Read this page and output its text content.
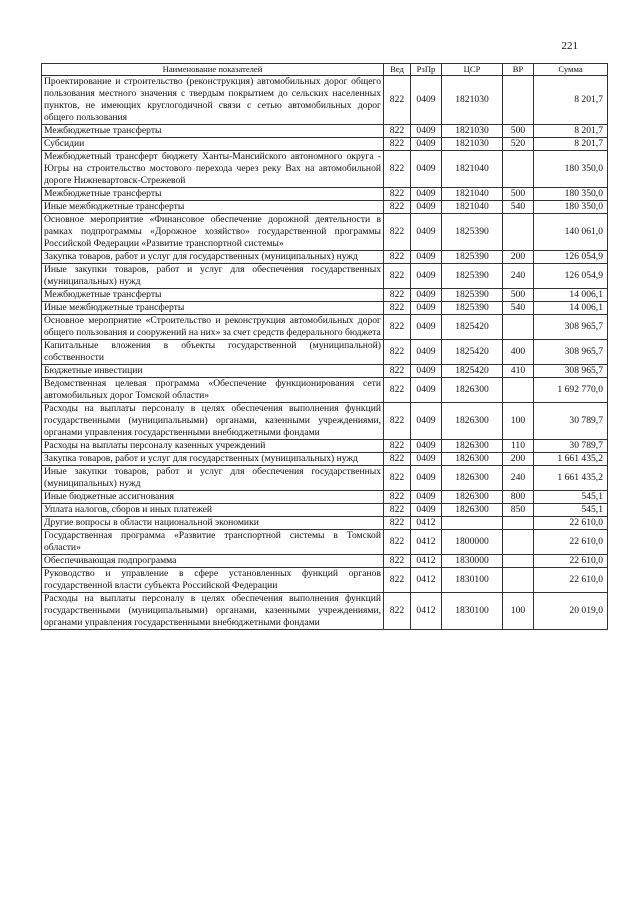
221
Наименование показателей	Вед	РзПр	ЦСР	ВР	Сумма
Проектирование и строительство (реконструкция) автомобильных дорог общего пользования местного значения с твердым покрытием до сельских населенных пунктов, не имеющих круглогодичной связи с сетью автомобильных дорог общего пользования	822	0409	1821030		8 201,7
Межбюджетные трансферты	822	0409	1821030	500	8 201,7
Субсидии	822	0409	1821030	520	8 201,7
Межбюджетный трансферт бюджету Ханты-Мансийского автономного округа - Югры на строительство мостового перехода через реку Вах на автомобильной дороге Нижневартовск-Стрежевой	822	0409	1821040		180 350,0
Межбюджетные трансферты	822	0409	1821040	500	180 350,0
Иные межбюджетные трансферты	822	0409	1821040	540	180 350,0
Основное мероприятие «Финансовое обеспечение дорожной деятельности в рамках подпрограммы «Дорожное хозяйство» государственной программы Российской Федерации «Развитие транспортной системы»	822	0409	1825390		140 061,0
Закупка товаров, работ и услуг для государственных (муниципальных) нужд	822	0409	1825390	200	126 054,9
Иные закупки товаров, работ и услуг для обеспечения государственных (муниципальных) нужд	822	0409	1825390	240	126 054,9
Межбюджетные трансферты	822	0409	1825390	500	14 006,1
Иные межбюджетные трансферты	822	0409	1825390	540	14 006,1
Основное мероприятие «Строительство и реконструкция автомобильных дорог общего пользования и сооружений на них» за счет средств федерального бюджета	822	0409	1825420		308 965,7
Капитальные вложения в объекты государственной (муниципальной) собственности	822	0409	1825420	400	308 965,7
Бюджетные инвестиции	822	0409	1825420	410	308 965,7
Ведомственная целевая программа «Обеспечение функционирования сети автомобильных дорог Томской области»	822	0409	1826300		1 692 770,0
Расходы на выплаты персоналу в целях обеспечения выполнения функций государственными (муниципальными) органами, казенными учреждениями, органами управления государственными внебюджетными фондами	822	0409	1826300	100	30 789,7
Расходы на выплаты персоналу казенных учреждений	822	0409	1826300	110	30 789,7
Закупка товаров, работ и услуг для государственных (муниципальных) нужд	822	0409	1826300	200	1 661 435,2
Иные закупки товаров, работ и услуг для обеспечения государственных (муниципальных) нужд	822	0409	1826300	240	1 661 435,2
Иные бюджетные ассигнования	822	0409	1826300	800	545,1
Уплата налогов, сборов и иных платежей	822	0409	1826300	850	545,1
Другие вопросы в области национальной экономики	822	0412			22 610,0
Государственная программа «Развитие транспортной системы в Томской области»	822	0412	1800000		22 610,0
Обеспечивающая подпрограмма	822	0412	1830000		22 610,0
Руководство и управление в сфере установленных функций органов государственной власти субъекта Российской Федерации	822	0412	1830100		22 610,0
Расходы на выплаты персоналу в целях обеспечения выполнения функций государственными (муниципальными) органами, казенными учреждениями, органами управления государственными внебюджетными фондами	822	0412	1830100	100	20 019,0
